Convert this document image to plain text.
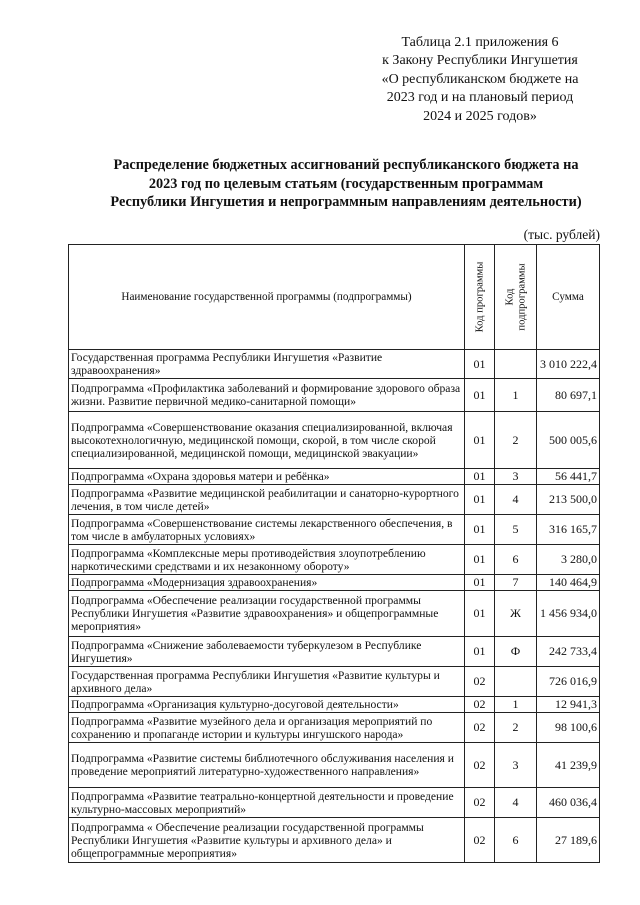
Таблица 2.1 приложения 6
к Закону Республики Ингушетия
«О республиканском бюджете на
2023 год и на плановый период
2024 и 2025 годов»
Распределение бюджетных ассигнований республиканского бюджета на
2023 год по целевым статьям (государственным программам
Республики Ингушетия и непрограммным направлениям деятельности)
(тыс. рублей)
Наименование государственной программы (подпрограммы)	Код программы	Код подпрограммы	Сумма
Государственная программа Республики Ингушетия «Развитие здравоохранения»	01		3 010 222,4
Подпрограмма «Профилактика заболеваний и формирование здорового образа жизни. Развитие первичной медико-санитарной помощи»	01	1	80 697,1
Подпрограмма «Совершенствование оказания специализированной, включая высокотехнологичную, медицинской помощи, скорой, в том числе скорой специализированной, медицинской помощи, медицинской эвакуации»	01	2	500 005,6
Подпрограмма «Охрана здоровья матери и ребёнка»	01	3	56 441,7
Подпрограмма «Развитие медицинской реабилитации и санаторно-курортного лечения, в том числе детей»	01	4	213 500,0
Подпрограмма «Совершенствование системы лекарственного обеспечения, в том числе в амбулаторных условиях»	01	5	316 165,7
Подпрограмма «Комплексные меры противодействия злоупотреблению наркотическими средствами и их незаконному обороту»	01	6	3 280,0
Подпрограмма «Модернизация здравоохранения»	01	7	140 464,9
Подпрограмма «Обеспечение реализации государственной программы Республики Ингушетия «Развитие здравоохранения» и общепрограммные мероприятия»	01	Ж	1 456 934,0
Подпрограмма «Снижение заболеваемости туберкулезом в Республике Ингушетия»	01	Ф	242 733,4
Государственная программа Республики Ингушетия «Развитие культуры и архивного дела»	02		726 016,9
Подпрограмма «Организация культурно-досуговой деятельности»	02	1	12 941,3
Подпрограмма «Развитие музейного дела и организация мероприятий по сохранению и пропаганде истории и культуры ингушского народа»	02	2	98 100,6
Подпрограмма «Развитие системы библиотечного обслуживания населения и проведение мероприятий литературно-художественного направления»	02	3	41 239,9
Подпрограмма «Развитие театрально-концертной деятельности и проведение культурно-массовых мероприятий»	02	4	460 036,4
Подпрограмма « Обеспечение реализации государственной программы Республики Ингушетия «Развитие культуры и архивного дела» и общепрограммные мероприятия»	02	6	27 189,6
